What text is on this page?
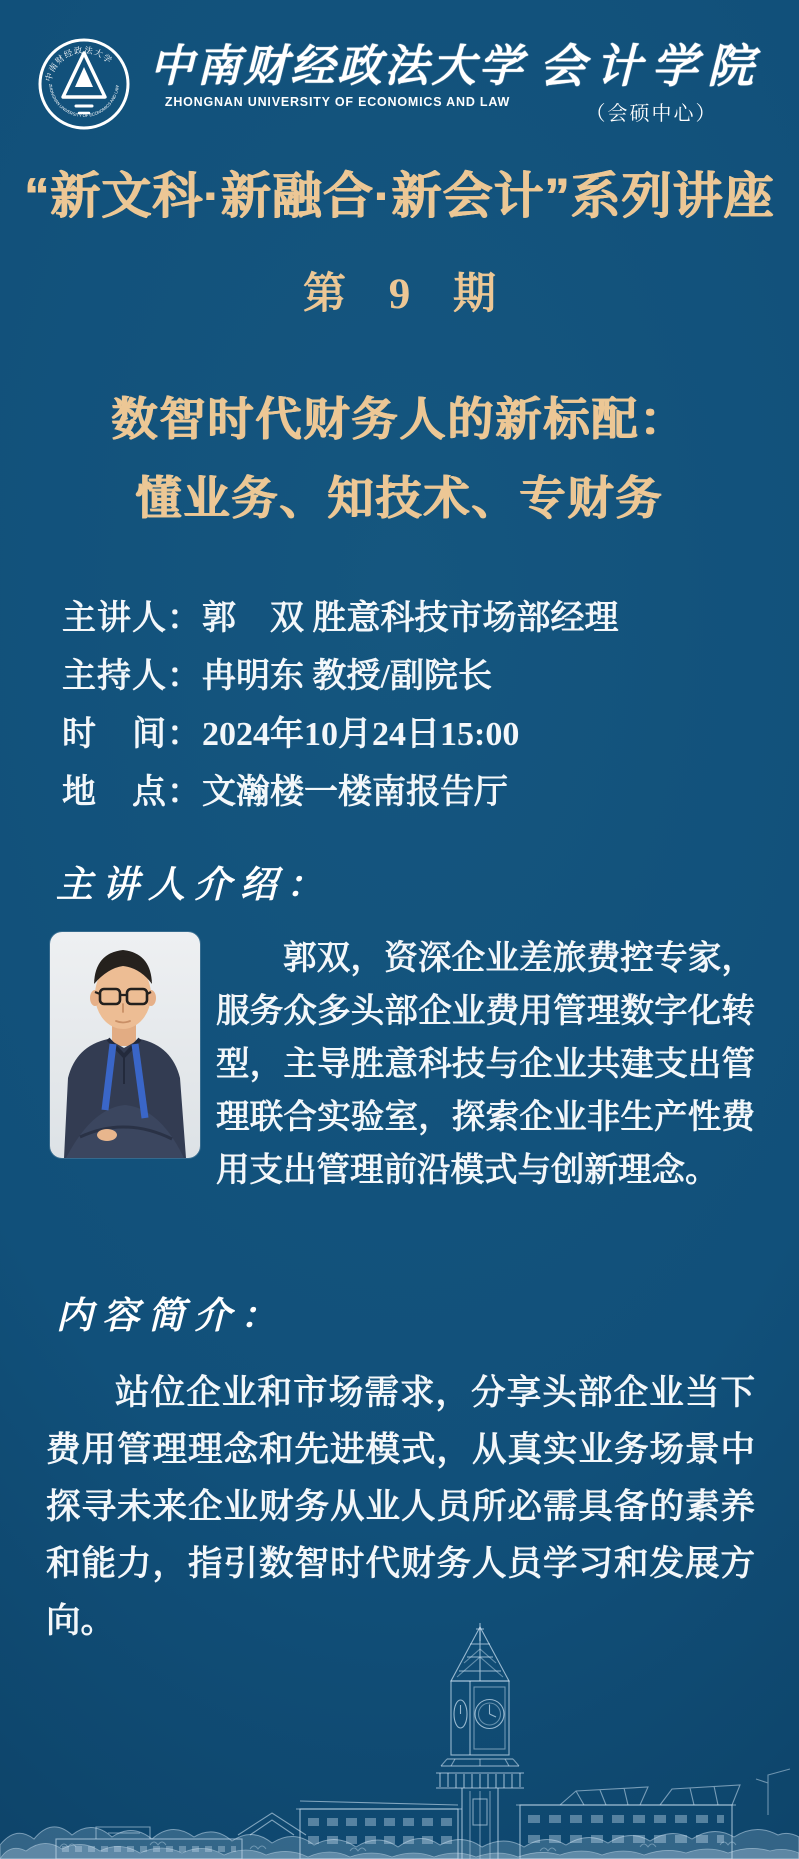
中南财经政法大学
ZHONGNAN UNIVERSITY OF ECONOMICS AND LAW 中南财经政法大学
ZHONGNAN UNIVERSITY OF ECONOMICS AND LAW
会计学院
（会硕中心）
“新文科·新融合·新会计”系列讲座
第 9 期
数智时代财务人的新标配：
懂业务、知技术、专财务
主讲人：郭　双 胜意科技市场部经理
主持人：冉明东 教授/副院长
时　间：2024年10月24日15:00
地　点：文瀚楼一楼南报告厅
主讲人介绍：
郭双，资深企业差旅费控专家，服务众多头部企业费用管理数字化转型，主导胜意科技与企业共建支出管理联合实验室，探索企业非生产性费用支出管理前沿模式与创新理念。
内容简介：
站位企业和市场需求，分享头部企业当下费用管理理念和先进模式，从真实业务场景中探寻未来企业财务从业人员所必需具备的素养和能力，指引数智时代财务人员学习和发展方向。
